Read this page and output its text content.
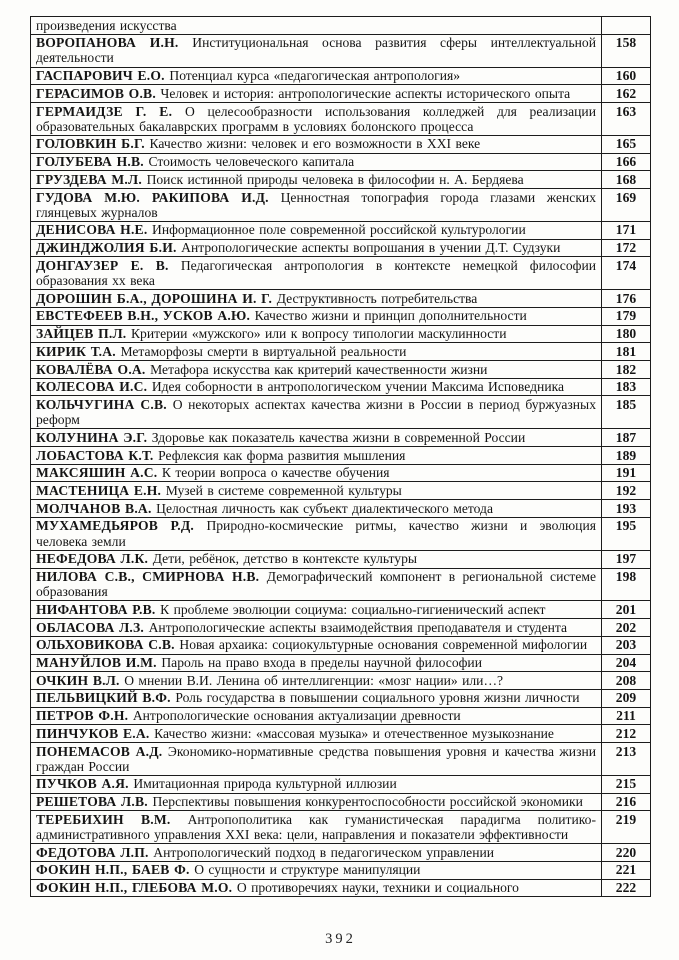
произведения искусства	
ВОРОПАНОВА И.Н. Институциональная основа развития сферы интеллектуальной деятельности	158
ГАСПАРОВИЧ Е.О. Потенциал курса «педагогическая антропология»	160
ГЕРАСИМОВ О.В. Человек и история: антропологические аспекты исторического опыта	162
ГЕРМАИДЗЕ Г. Е. О целесообразности использования колледжей для реализации образовательных бакалаврских программ в условиях болонского процесса	163
ГОЛОВКИН Б.Г. Качество жизни: человек и его возможности в XXI веке	165
ГОЛУБЕВА Н.В. Стоимость человеческого капитала	166
ГРУЗДЕВА М.Л. Поиск истинной природы человека в философии н. А. Бердяева	168
ГУДОВА М.Ю. РАКИПОВА И.Д. Ценностная топография города глазами женских глянцевых журналов	169
ДЕНИСОВА Н.Е. Информационное поле современной российской культурологии	171
ДЖИНДЖОЛИЯ Б.И. Антропологические аспекты вопрошания в учении Д.Т. Судзуки	172
ДОНГАУЗЕР Е. В. Педагогическая антропология в контексте немецкой философии образования xx века	174
ДОРОШИН Б.А., ДОРОШИНА И. Г. Деструктивность потребительства	176
ЕВСТЕФЕЕВ В.Н., УСКОВ А.Ю. Качество жизни и принцип дополнительности	179
ЗАЙЦЕВ П.Л. Критерии «мужского» или к вопросу типологии маскулинности	180
КИРИК Т.А. Метаморфозы смерти в виртуальной реальности	181
КОВАЛЁВА О.А. Метафора искусства как критерий качественности жизни	182
КОЛЕСОВА И.С. Идея соборности в антропологическом учении Максима Исповедника	183
КОЛЬЧУГИНА С.В. О некоторых аспектах качества жизни в России в период буржуазных реформ	185
КОЛУНИНА Э.Г. Здоровье как показатель качества жизни в современной России	187
ЛОБАСТОВА К.Т. Рефлексия как форма развития мышления	189
МАКСЯШИН А.С. К теории вопроса о качестве обучения	191
МАСТЕНИЦА Е.Н. Музей в системе современной культуры	192
МОЛЧАНОВ В.А. Целостная личность как субъект диалектического метода	193
МУХАМЕДЬЯРОВ Р.Д. Природно-космические ритмы, качество жизни и эволюция человека земли	195
НЕФЕДОВА Л.К. Дети, ребёнок, детство в контексте культуры	197
НИЛОВА С.В., СМИРНОВА Н.В. Демографический компонент в региональной системе образования	198
НИФАНТОВА Р.В. К проблеме эволюции социума: социально-гигиенический аспект	201
ОБЛАСОВА Л.З. Антропологические аспекты взаимодействия преподавателя и студента	202
ОЛЬХОВИКОВА С.В. Новая архаика: социокультурные основания современной мифологии	203
МАНУЙЛОВ И.М. Пароль на право входа в пределы научной философии	204
ОЧКИН В.Л. О мнении В.И. Ленина об интеллигенции: «мозг нации» или…?	208
ПЕЛЬВИЦКИЙ В.Ф. Роль государства в повышении социального уровня жизни личности	209
ПЕТРОВ Ф.Н. Антропологические основания актуализации древности	211
ПИНЧУКОВ Е.А. Качество жизни: «массовая музыка» и отечественное музыкознание	212
ПОНЕМАСОВ А.Д. Экономико-нормативные средства повышения уровня и качества жизни граждан России	213
ПУЧКОВ А.Я. Имитационная природа культурной иллюзии	215
РЕШЕТОВА Л.В. Перспективы повышения конкурентоспособности российской экономики	216
ТЕРЕБИХИН В.М. Антропополитика как гуманистическая парадигма политико-административного управления XXI века: цели, направления и показатели эффективности	219
ФЕДОТОВА Л.П. Антропологический подход в педагогическом управлении	220
ФОКИН Н.П., БАЕВ Ф. О сущности и структуре манипуляции	221
ФОКИН Н.П., ГЛЕБОВА М.О. О противоречиях науки, техники и социального	222
392
